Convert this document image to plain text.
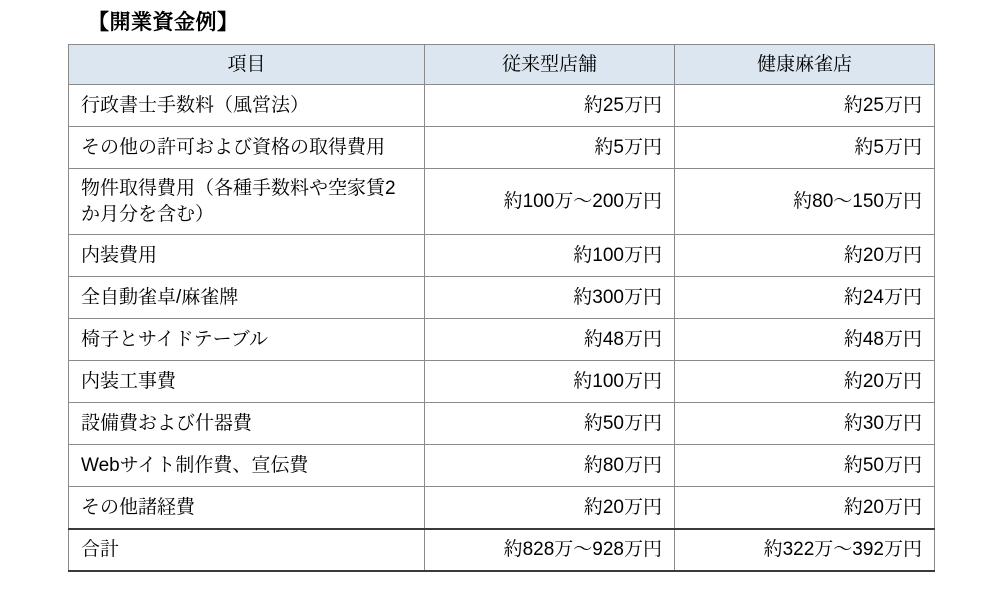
【開業資金例】
項目	従来型店舗	健康麻雀店
行政書士手数料（風営法）	約25万円	約25万円
その他の許可および資格の取得費用	約5万円	約5万円
物件取得費用（各種手数料や空家賃2か月分を含む）	約100万〜200万円	約80〜150万円
内装費用	約100万円	約20万円
全自動雀卓/麻雀牌	約300万円	約24万円
椅子とサイドテーブル	約48万円	約48万円
内装工事費	約100万円	約20万円
設備費および什器費	約50万円	約30万円
Webサイト制作費、宣伝費	約80万円	約50万円
その他諸経費	約20万円	約20万円
合計	約828万〜928万円	約322万〜392万円
